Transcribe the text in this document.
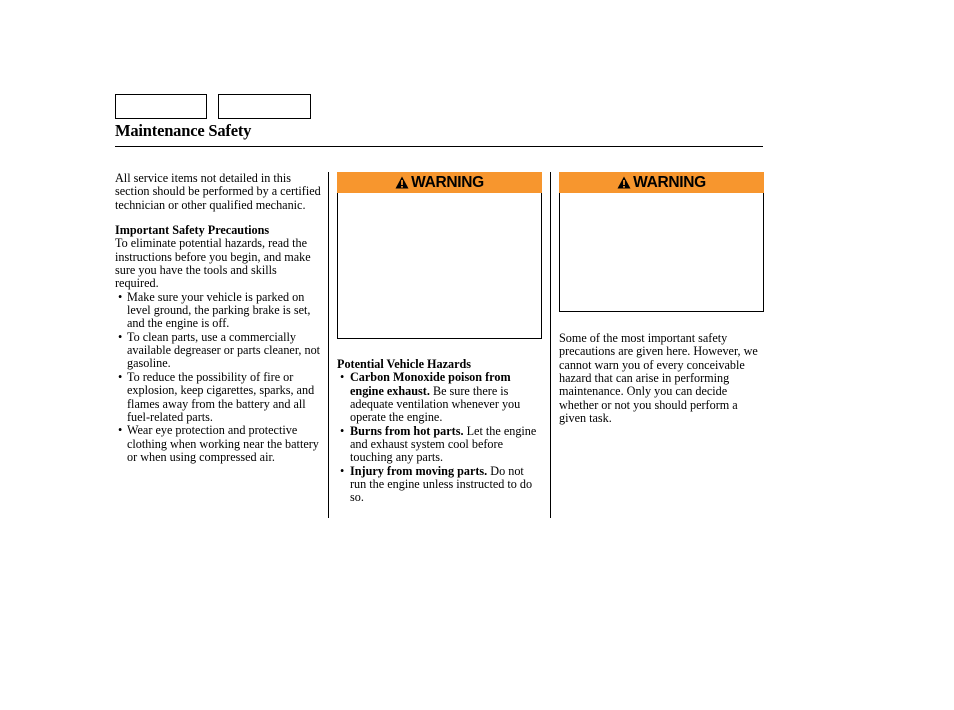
Maintenance Safety

All service items not detailed in this section should be performed by a certified technician or other qualified mechanic.

Important Safety Precautions

To eliminate potential hazards, read the instructions before you begin, and make sure you have the tools and skills required.

• Make sure your vehicle is parked on level ground, the parking brake is set, and the engine is off.
• To clean parts, use a commercially available degreaser or parts cleaner, not gasoline.
• To reduce the possibility of fire or explosion, keep cigarettes, sparks, and flames away from the battery and all fuel-related parts.
• Wear eye protection and protective clothing when working near the battery or when using compressed air.
WARNING	WARNING

Potential Vehicle Hazards

• Carbon Monoxide poison from engine exhaust. Be sure there is adequate ventilation whenever you operate the engine.
• Burns from hot parts. Let the engine and exhaust system cool before touching any parts.
• Injury from moving parts. Do not run the engine unless instructed to do so.

Some of the most important safety precautions are given here. However, we cannot warn you of every conceivable hazard that can arise in performing maintenance. Only you can decide whether or not you should perform a given task.
